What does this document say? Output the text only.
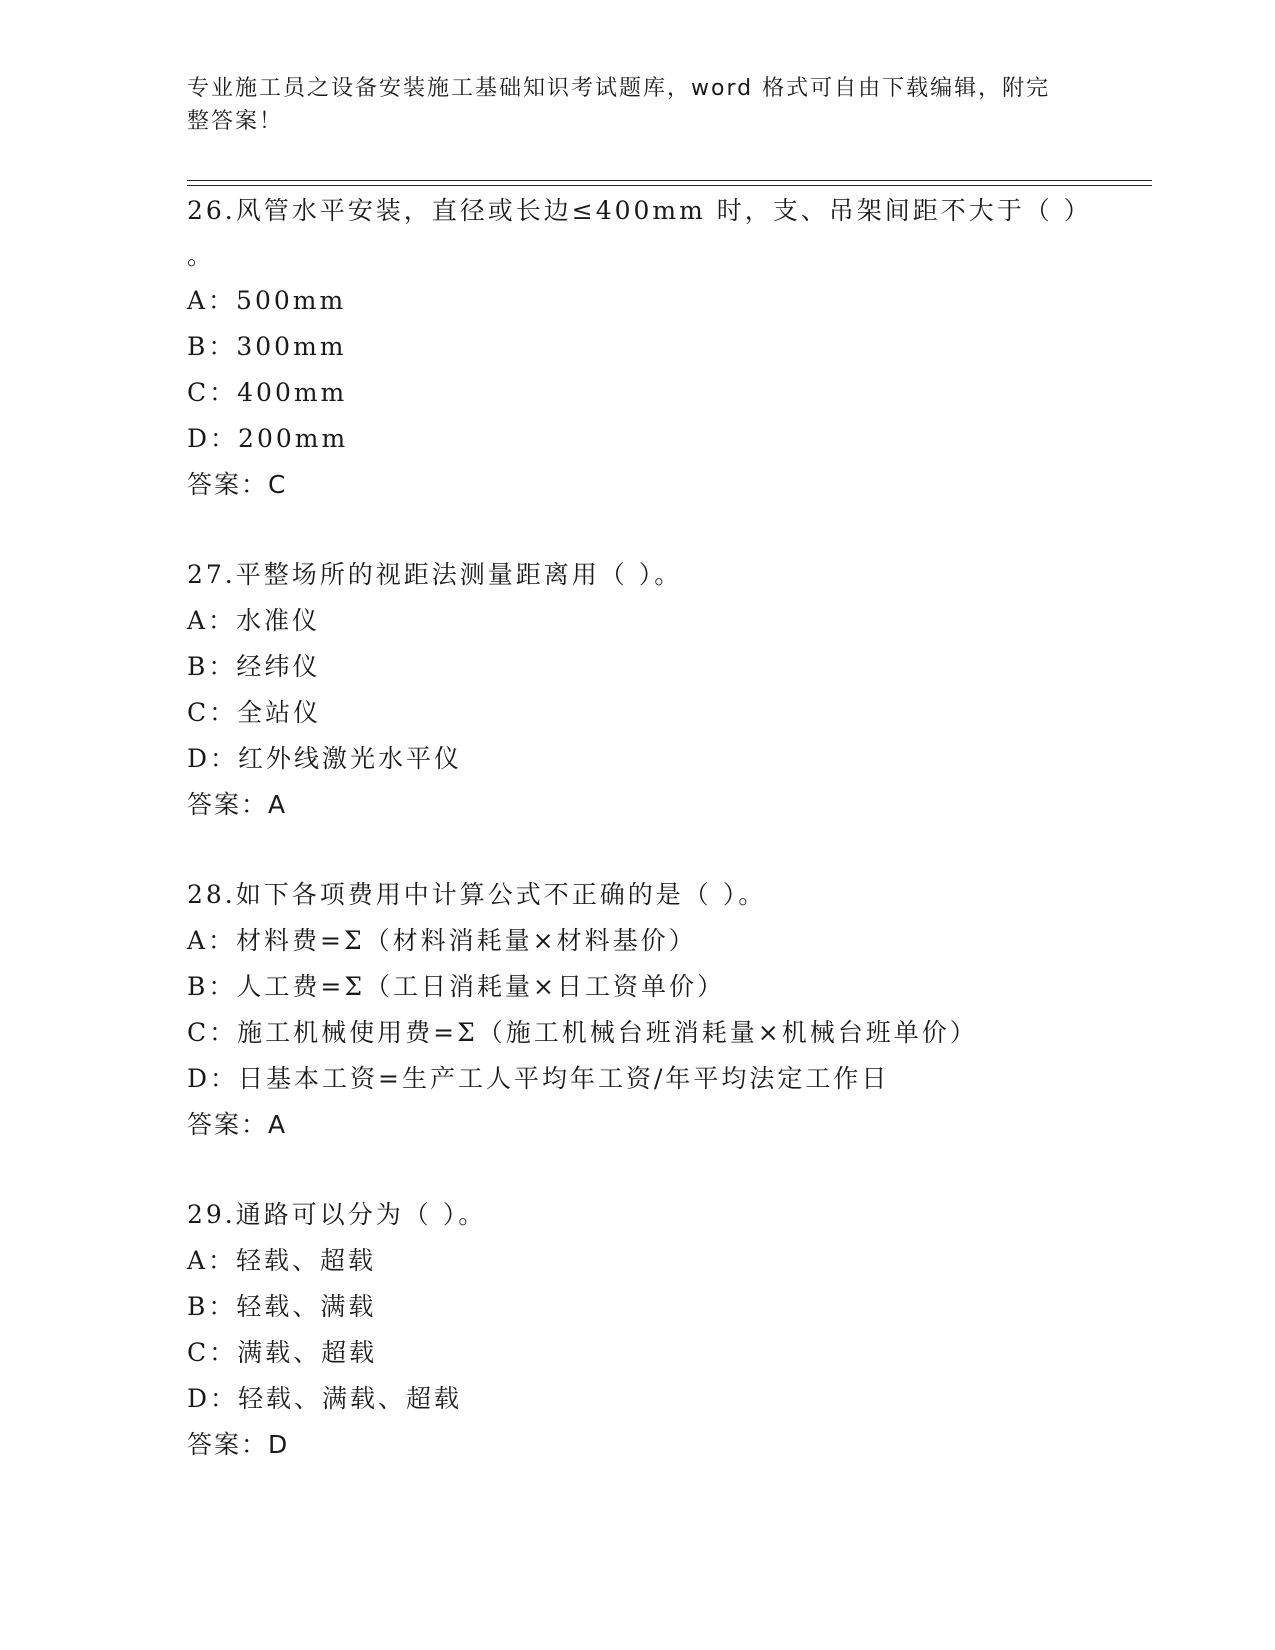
专业施工员之设备安装施工基础知识考试题库，word 格式可自由下载编辑，附完
整答案！
26.风管水平安装，直径或长边≤400mm 时，支、吊架间距不大于（ ）
。
A：500mm
B：300mm
C：400mm
D：200mm
答案：C
27.平整场所的视距法测量距离用（ ）。
A：水准仪
B：经纬仪
C：全站仪
D：红外线激光水平仪
答案：A
28.如下各项费用中计算公式不正确的是（ ）。
A：材料费=Σ（材料消耗量×材料基价）
B：人工费=Σ（工日消耗量×日工资单价）
C：施工机械使用费=Σ（施工机械台班消耗量×机械台班单价）
D：日基本工资=生产工人平均年工资/年平均法定工作日
答案：A
29.通路可以分为（ ）。
A：轻载、超载
B：轻载、满载
C：满载、超载
D：轻载、满载、超载
答案：D
